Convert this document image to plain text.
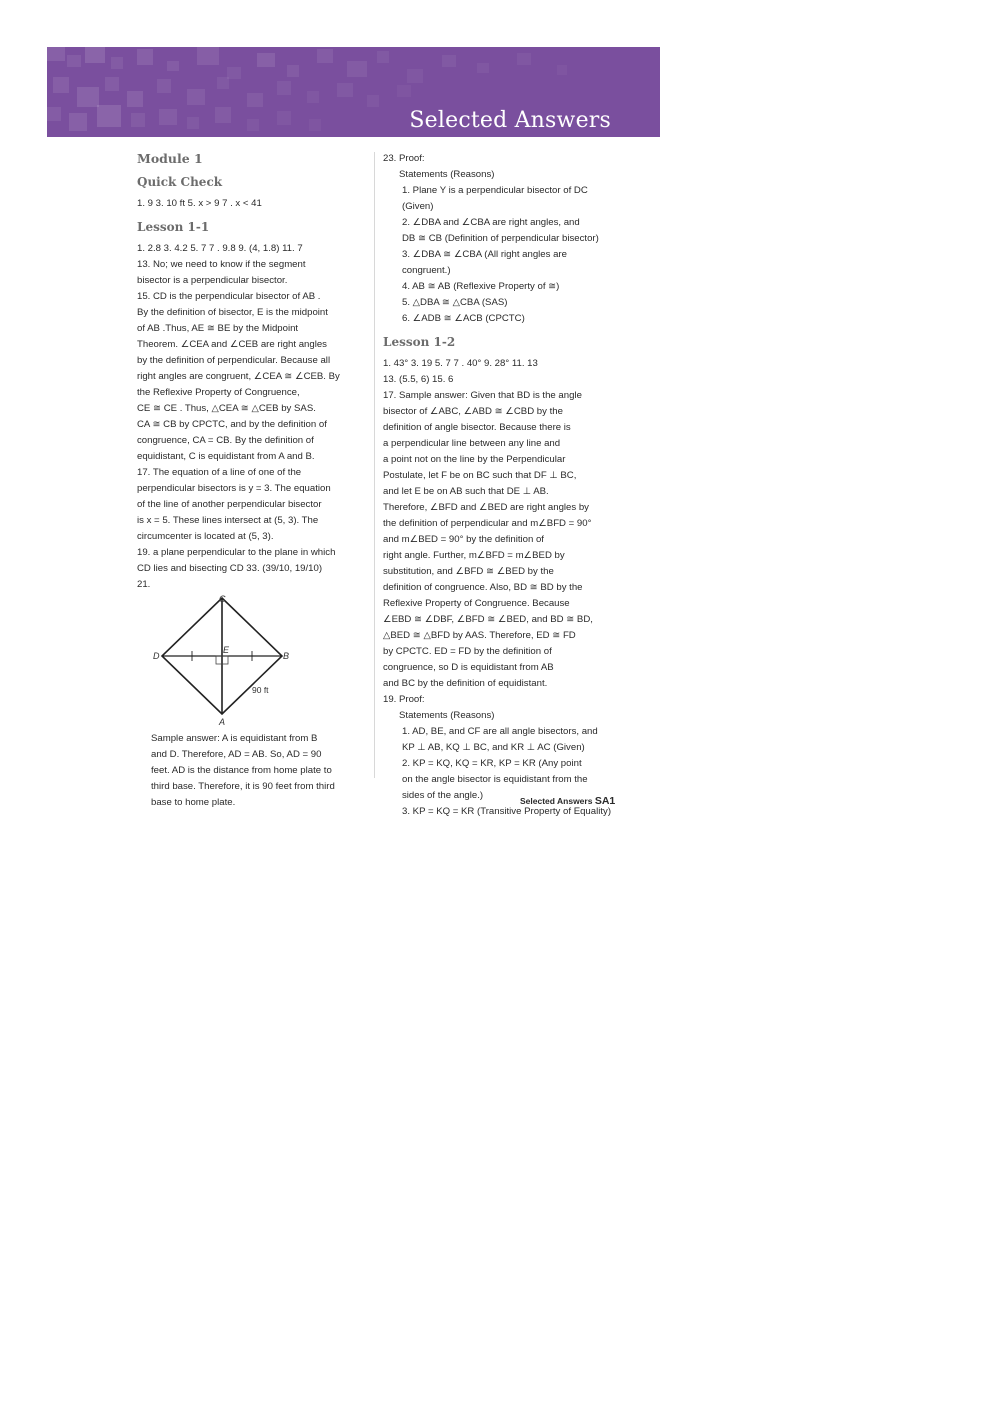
Selected Answers
Module 1
Quick Check

1. 9 3. 10 ft 5. x > 9 7 . x < 41

Lesson 1-1

1. 2.8 3. 4.2 5. 7 7 . 9.8 9. (4, 1.8) 11. 7

13. No; we need to know if the segment

bisector is a perpendicular bisector.

15. CD is the perpendicular bisector of AB .

By the definition of bisector, E is the midpoint

of AB .Thus, AE ≅ BE by the Midpoint

Theorem. ∠CEA and ∠CEB are right angles

by the definition of perpendicular. Because all

right angles are congruent, ∠CEA ≅ ∠CEB. By

the Reflexive Property of Congruence,

CE ≅ CE . Thus, △CEA ≅ △CEB by SAS.

CA ≅ CB by CPCTC, and by the definition of

congruence, CA = CB. By the definition of

equidistant, C is equidistant from A and B.

17. The equation of a line of one of the

perpendicular bisectors is y = 3. The equation

of the line of another perpendicular bisector

is x = 5. These lines intersect at (5, 3). The

circumcenter is located at (5, 3).

19. a plane perpendicular to the plane in which

CD lies and bisecting CD 33. (39/10, 19/10)

21.

C
D	B
A
E
90 ft

Sample answer: A is equidistant from B

and D. Therefore, AD = AB. So, AD = 90

feet. AD is the distance from home plate to

third base. Therefore, it is 90 feet from third

base to home plate.

23. Proof:

Statements (Reasons)

1. Plane Y is a perpendicular bisector of DC

(Given)

2. ∠DBA and ∠CBA are right angles, and

DB ≅ CB (Definition of perpendicular bisector)

3. ∠DBA ≅ ∠CBA (All right angles are

congruent.)

4. AB ≅ AB (Reflexive Property of ≅)

5. △DBA ≅ △CBA (SAS)

6. ∠ADB ≅ ∠ACB (CPCTC)

Lesson 1-2

1. 43° 3. 19 5. 7 7 . 40° 9. 28° 11. 13

13. (5.5, 6) 15. 6

17. Sample answer: Given that BD is the angle

bisector of ∠ABC, ∠ABD ≅ ∠CBD by the

definition of angle bisector. Because there is

a perpendicular line between any line and

a point not on the line by the Perpendicular

Postulate, let F be on BC such that DF ⊥ BC,

and let E be on AB such that DE ⊥ AB.

Therefore, ∠BFD and ∠BED are right angles by

the definition of perpendicular and m∠BFD = 90°

and m∠BED = 90° by the definition of

right angle. Further, m∠BFD = m∠BED by

substitution, and ∠BFD ≅ ∠BED by the

definition of congruence. Also, BD ≅ BD by the

Reflexive Property of Congruence. Because

∠EBD ≅ ∠DBF, ∠BFD ≅ ∠BED, and BD ≅ BD,

△BED ≅ △BFD by AAS. Therefore, ED ≅ FD

by CPCTC. ED = FD by the definition of

congruence, so D is equidistant from AB

and BC by the definition of equidistant.

19. Proof:

Statements (Reasons)

1. AD, BE, and CF are all angle bisectors, and

KP ⊥ AB, KQ ⊥ BC, and KR ⊥ AC (Given)

2. KP = KQ, KQ = KR, KP = KR (Any point

on the angle bisector is equidistant from the

sides of the angle.)

3. KP = KQ = KR (Transitive Property of Equality)

Selected Answers SA1
